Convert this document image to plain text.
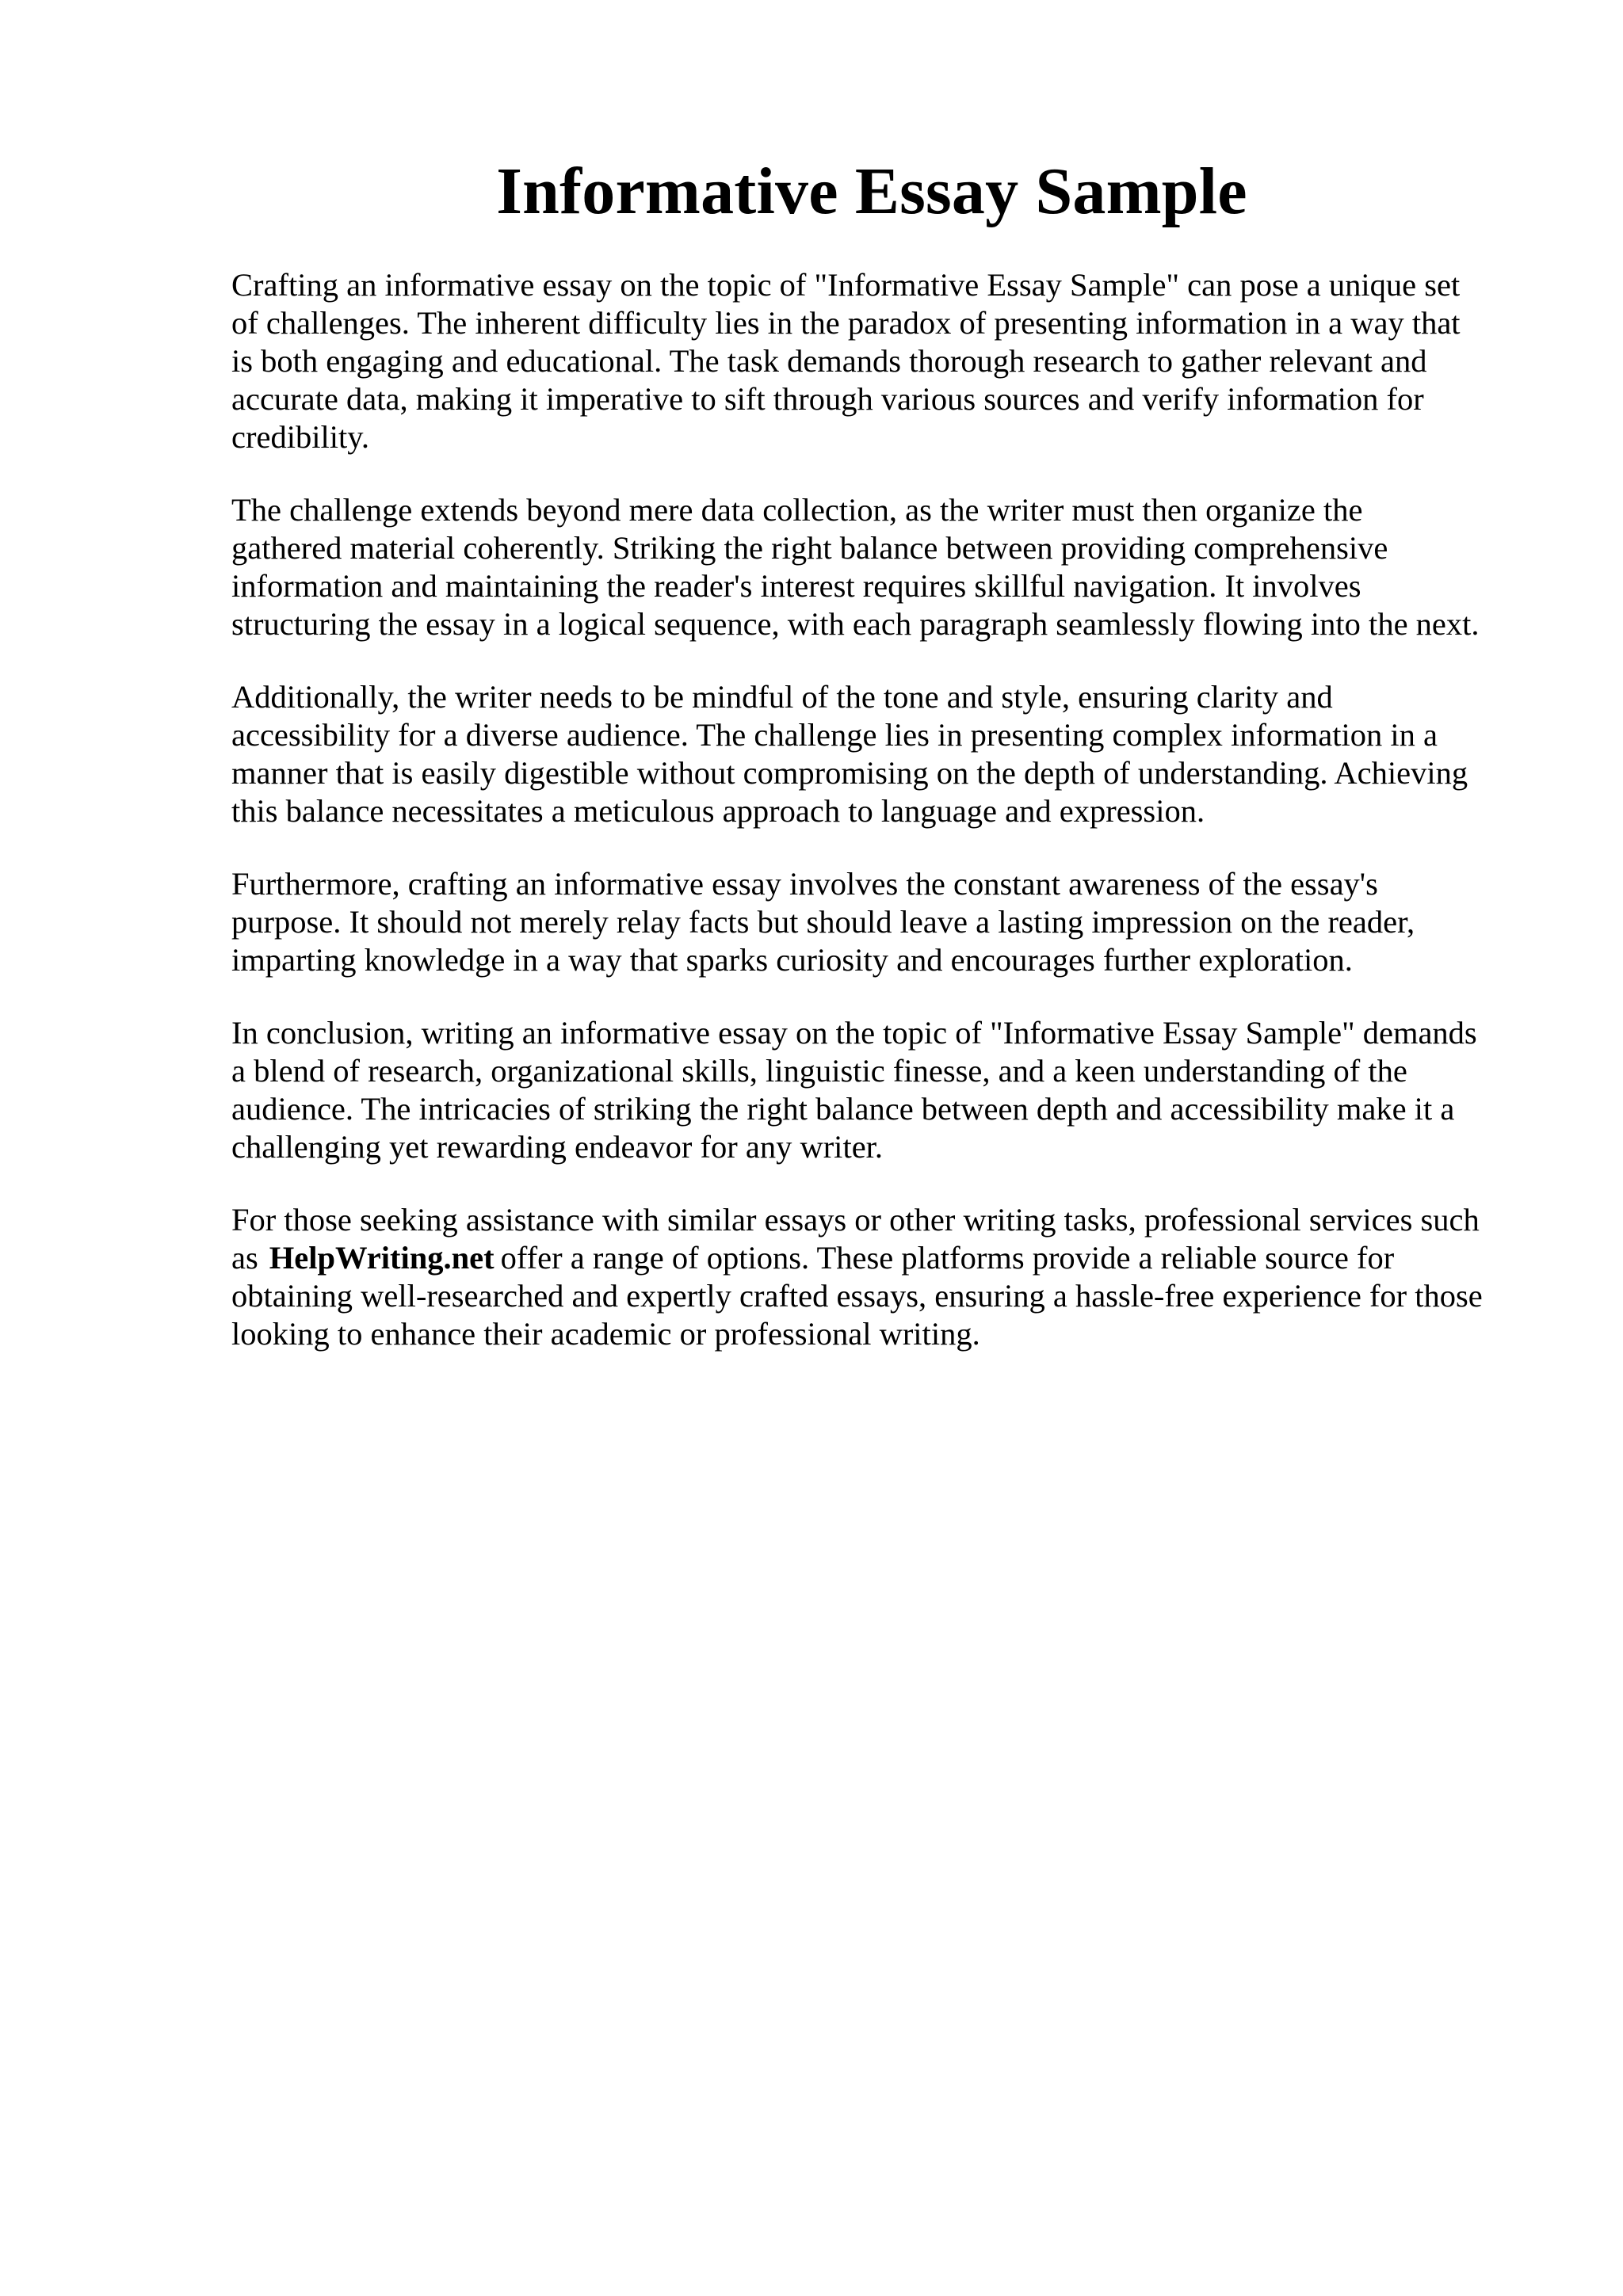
Informative Essay Sample

Crafting an informative essay on the topic of "Informative Essay Sample" can pose a unique set
of challenges. The inherent difficulty lies in the paradox of presenting information in a way that
is both engaging and educational. The task demands thorough research to gather relevant and
accurate data, making it imperative to sift through various sources and verify information for
credibility.

The challenge extends beyond mere data collection, as the writer must then organize the
gathered material coherently. Striking the right balance between providing comprehensive
information and maintaining the reader's interest requires skillful navigation. It involves
structuring the essay in a logical sequence, with each paragraph seamlessly flowing into the next.

Additionally, the writer needs to be mindful of the tone and style, ensuring clarity and
accessibility for a diverse audience. The challenge lies in presenting complex information in a
manner that is easily digestible without compromising on the depth of understanding. Achieving
this balance necessitates a meticulous approach to language and expression.

Furthermore, crafting an informative essay involves the constant awareness of the essay's
purpose. It should not merely relay facts but should leave a lasting impression on the reader,
imparting knowledge in a way that sparks curiosity and encourages further exploration.

In conclusion, writing an informative essay on the topic of "Informative Essay Sample" demands
a blend of research, organizational skills, linguistic finesse, and a keen understanding of the
audience. The intricacies of striking the right balance between depth and accessibility make it a
challenging yet rewarding endeavor for any writer.

For those seeking assistance with similar essays or other writing tasks, professional services such
as HelpWriting.net offer a range of options. These platforms provide a reliable source for
obtaining well-researched and expertly crafted essays, ensuring a hassle-free experience for those
looking to enhance their academic or professional writing.
